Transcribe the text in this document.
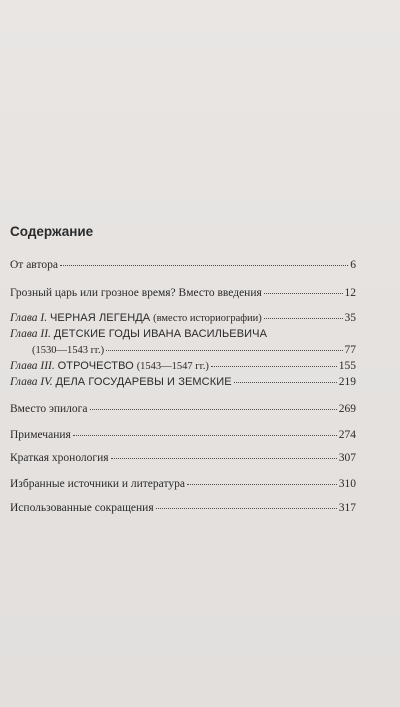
Содержание
От автора	6
Грозный царь или грозное время? Вместо введения	12
Глава I. ЧЕРНАЯ ЛЕГЕНДА (вместо историографии)	35
Глава II. ДЕТСКИЕ ГОДЫ ИВАНА ВАСИЛЬЕВИЧА
(1530—1543 гг.)	77
Глава III. ОТРОЧЕСТВО (1543—1547 гг.)	155
Глава IV. ДЕЛА ГОСУДАРЕВЫ И ЗЕМСКИЕ	219
Вместо эпилога	269
Примечания	274
Краткая хронология	307
Избранные источники и литература	310
Использованные сокращения	317
